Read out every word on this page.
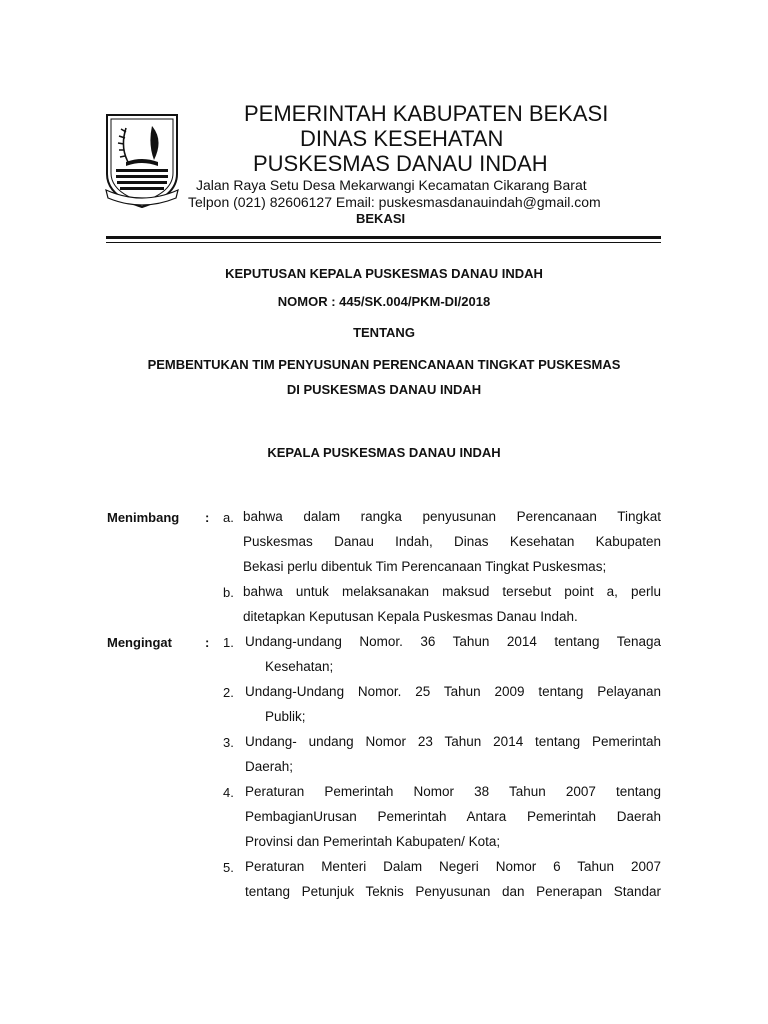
PEMERINTAH KABUPATEN BEKASI
DINAS KESEHATAN
PUSKESMAS DANAU INDAH
Jalan Raya Setu Desa Mekarwangi Kecamatan Cikarang Barat
Telpon (021) 82606127 Email: puskesmasdanauindah@gmail.com
BEKASI
KEPUTUSAN KEPALA PUSKESMAS DANAU INDAH
NOMOR : 445/SK.004/PKM-DI/2018
TENTANG
PEMBENTUKAN TIM PENYUSUNAN PERENCANAAN TINGKAT PUSKESMAS
DI PUSKESMAS DANAU INDAH
KEPALA PUSKESMAS DANAU INDAH
Menimbang : a. bahwa dalam rangka penyusunan Perencanaan Tingkat
Puskesmas Danau Indah, Dinas Kesehatan Kabupaten
Bekasi perlu dibentuk Tim Perencanaan Tingkat Puskesmas;
b. bahwa untuk melaksanakan maksud tersebut point a, perlu
ditetapkan Keputusan Kepala Puskesmas Danau Indah.
Mengingat	: 1. Undang-undang Nomor. 36 Tahun 2014 tentang Tenaga
Kesehatan;
2. Undang-Undang Nomor. 25 Tahun 2009 tentang Pelayanan
Publik;
3. Undang- undang Nomor 23 Tahun 2014 tentang Pemerintah
Daerah;
4. Peraturan Pemerintah Nomor 38 Tahun 2007 tentang
PembagianUrusan Pemerintah Antara Pemerintah Daerah
Provinsi dan Pemerintah Kabupaten/ Kota;
5. Peraturan Menteri Dalam Negeri Nomor 6 Tahun 2007
tentang Petunjuk Teknis Penyusunan dan Penerapan Standar
